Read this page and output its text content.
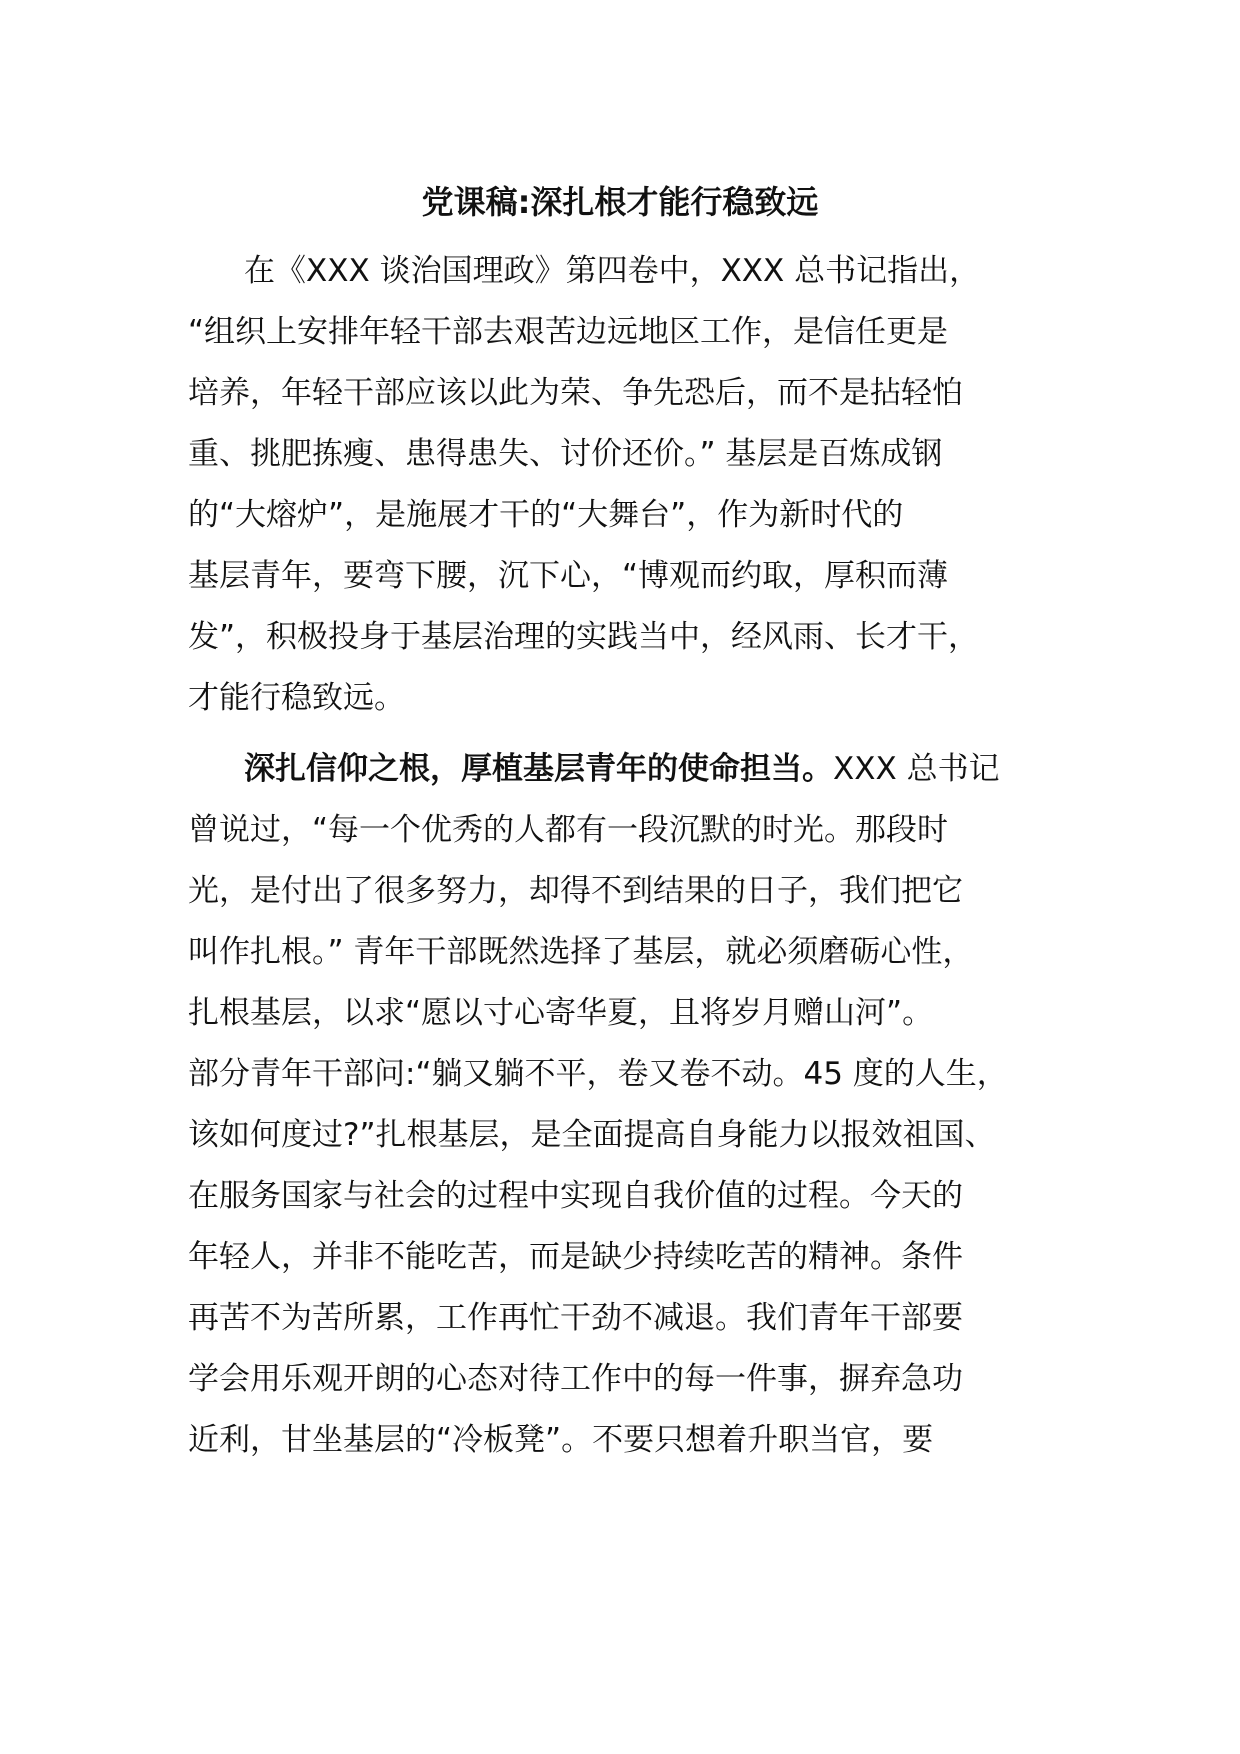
党课稿:深扎根才能行稳致远
在《XXX 谈治国理政》第四卷中，XXX 总书记指出，
“组织上安排年轻干部去艰苦边远地区工作，是信任更是
培养，年轻干部应该以此为荣、争先恐后，而不是拈轻怕
重、挑肥拣瘦、患得患失、讨价还价。” 基层是百炼成钢
的“大熔炉”，是施展才干的“大舞台”，作为新时代的
基层青年，要弯下腰，沉下心，“博观而约取，厚积而薄
发”，积极投身于基层治理的实践当中，经风雨、长才干，
才能行稳致远。
深扎信仰之根，厚植基层青年的使命担当。XXX 总书记
曾说过，“每一个优秀的人都有一段沉默的时光。那段时
光，是付出了很多努力，却得不到结果的日子，我们把它
叫作扎根。” 青年干部既然选择了基层，就必须磨砺心性，
扎根基层，以求“愿以寸心寄华夏，且将岁月赠山河”。
部分青年干部问:“躺又躺不平，卷又卷不动。45 度的人生，
该如何度过?”扎根基层，是全面提高自身能力以报效祖国、
在服务国家与社会的过程中实现自我价值的过程。今天的
年轻人，并非不能吃苦，而是缺少持续吃苦的精神。条件
再苦不为苦所累，工作再忙干劲不减退。我们青年干部要
学会用乐观开朗的心态对待工作中的每一件事，摒弃急功
近利，甘坐基层的“冷板凳”。不要只想着升职当官，要
